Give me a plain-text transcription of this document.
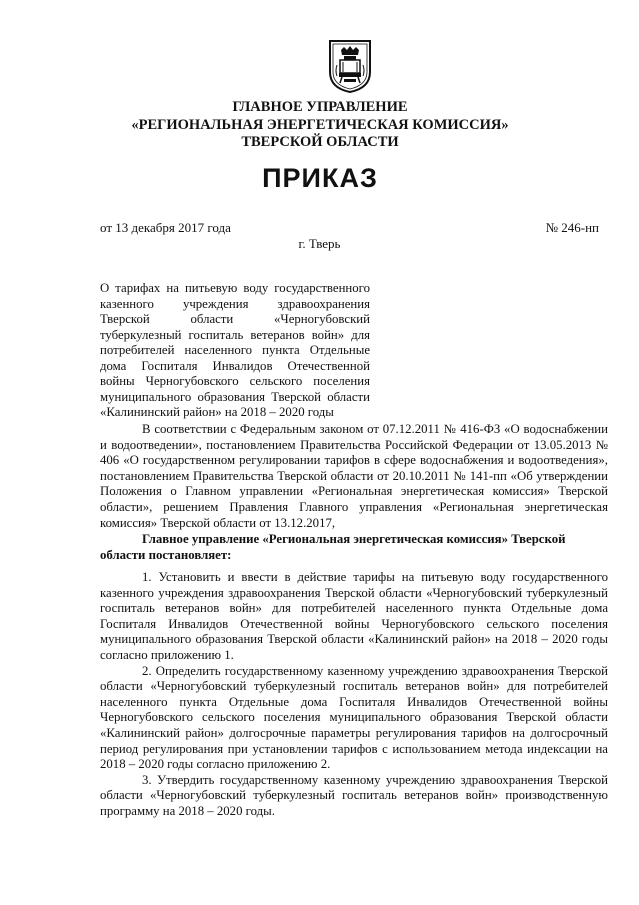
ГЛАВНОЕ УПРАВЛЕНИЕ
«РЕГИОНАЛЬНАЯ ЭНЕРГЕТИЧЕСКАЯ КОМИССИЯ»
ТВЕРСКОЙ ОБЛАСТИ
ПРИКАЗ
от 13 декабря 2017 года	№ 246-нп
г. Тверь
О тарифах на питьевую воду государственного казенного учреждения здравоохранения Тверской области «Черногубовский туберкулезный госпиталь ветеранов войн» для потребителей населенного пункта Отдельные дома Госпиталя Инвалидов Отечественной войны Черногубовского сельского поселения муниципального образования Тверской области «Калининский район» на 2018 – 2020 годы
В соответствии с Федеральным законом от 07.12.2011 № 416-ФЗ «О водоснабжении и водоотведении», постановлением Правительства Российской Федерации от 13.05.2013 № 406 «О государственном регулировании тарифов в сфере водоснабжения и водоотведения», постановлением Правительства Тверской области от 20.10.2011 № 141-пп «Об утверждении Положения о Главном управлении «Региональная энергетическая комиссия» Тверской области», решением Правления Главного управления «Региональная энергетическая комиссия» Тверской области от 13.12.2017,
Главное управление «Региональная энергетическая комиссия» Тверской области постановляет:

1. Установить и ввести в действие тарифы на питьевую воду государственного казенного учреждения здравоохранения Тверской области «Черногубовский туберкулезный госпиталь ветеранов войн» для потребителей населенного пункта Отдельные дома Госпиталя Инвалидов Отечественной войны Черногубовского сельского поселения муниципального образования Тверской области «Калининский район» на 2018 – 2020 годы согласно приложению 1.

2. Определить государственному казенному учреждению здравоохранения Тверской области «Черногубовский туберкулезный госпиталь ветеранов войн» для потребителей населенного пункта Отдельные дома Госпиталя Инвалидов Отечественной войны Черногубовского сельского поселения муниципального образования Тверской области «Калининский район» долгосрочные параметры регулирования тарифов на долгосрочный период регулирования при установлении тарифов с использованием метода индексации на 2018 – 2020 годы согласно приложению 2.

3. Утвердить государственному казенному учреждению здравоохранения Тверской области «Черногубовский туберкулезный госпиталь ветеранов войн» производственную программу на 2018 – 2020 годы.
